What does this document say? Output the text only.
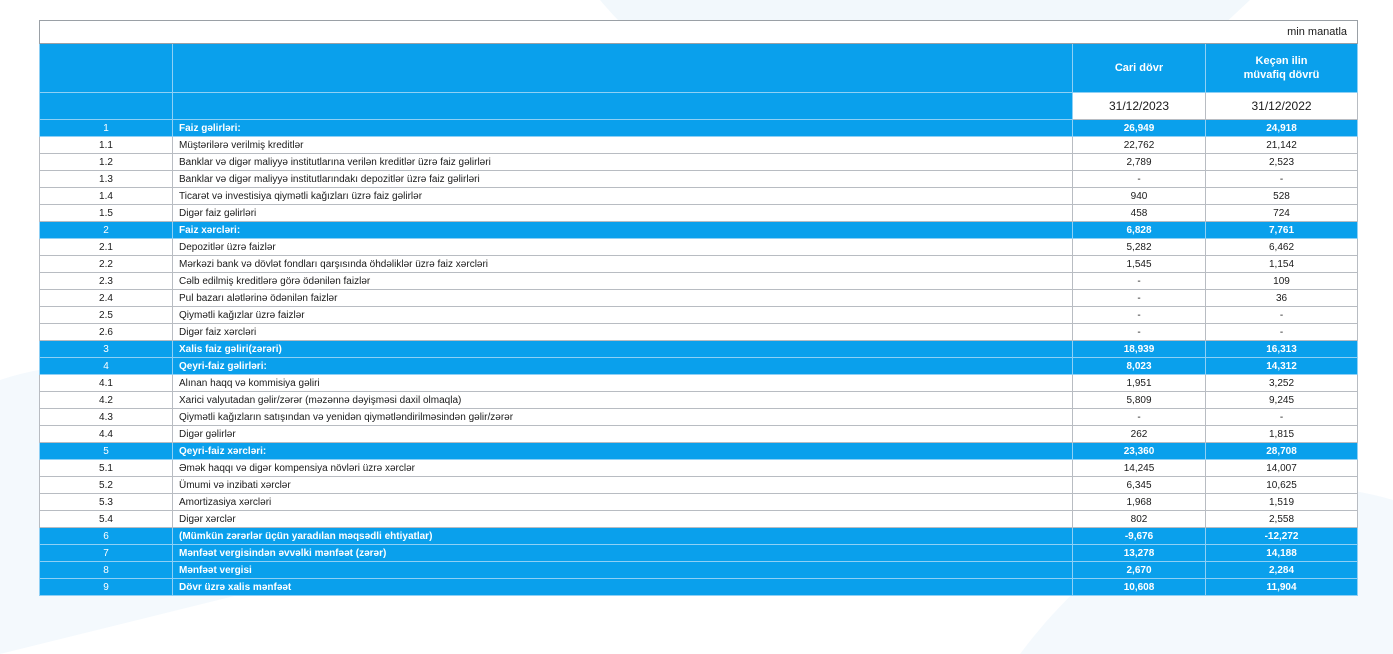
min manatla			
		Cari dövr	Keçən ilin müvafiq dövrü
		31/12/2023	31/12/2022
1	Faiz gəlirləri:	26,949	24,918
1.1	Müştərilərə verilmiş kreditlər	22,762	21,142
1.2	Banklar və digər maliyyə institutlarına verilən kreditlər üzrə faiz gəlirləri	2,789	2,523
1.3	Banklar və digər maliyyə institutlarındakı depozitlər üzrə faiz gəlirləri	-	-
1.4	Ticarət və investisiya qiymətli kağızları üzrə faiz gəlirlər	940	528
1.5	Digər faiz gəlirləri	458	724
2	Faiz xərcləri:	6,828	7,761
2.1	Depozitlər üzrə faizlər	5,282	6,462
2.2	Mərkəzi bank və dövlət fondları qarşısında öhdəliklər üzrə faiz xərcləri	1,545	1,154
2.3	Cəlb edilmiş kreditlərə görə ödənilən faizlər	-	109
2.4	Pul bazarı alətlərinə ödənilən faizlər	-	36
2.5	Qiymətli kağızlar üzrə faizlər	-	-
2.6	Digər faiz xərcləri	-	-
3	Xalis faiz gəliri(zərəri)	18,939	16,313
4	Qeyri-faiz gəlirləri:	8,023	14,312
4.1	Alınan haqq və kommisiya gəliri	1,951	3,252
4.2	Xarici valyutadan gəlir/zərər (məzənnə dəyişməsi daxil olmaqla)	5,809	9,245
4.3	Qiymətli kağızların satışından və yenidən qiymətləndirilməsindən gəlir/zərər	-	-
4.4	Digər gəlirlər	262	1,815
5	Qeyri-faiz xərcləri:	23,360	28,708
5.1	Əmək haqqı və digər kompensiya növləri üzrə xərclər	14,245	14,007
5.2	Ümumi və inzibati xərclər	6,345	10,625
5.3	Amortizasiya xərcləri	1,968	1,519
5.4	Digər xərclər	802	2,558
6	(Mümkün zərərlər üçün yaradılan məqsədli ehtiyatlar)	-9,676	-12,272
7	Mənfəət vergisindən əvvəlki mənfəət (zərər)	13,278	14,188
8	Mənfəət vergisi	2,670	2,284
9	Dövr üzrə xalis mənfəət	10,608	11,904
